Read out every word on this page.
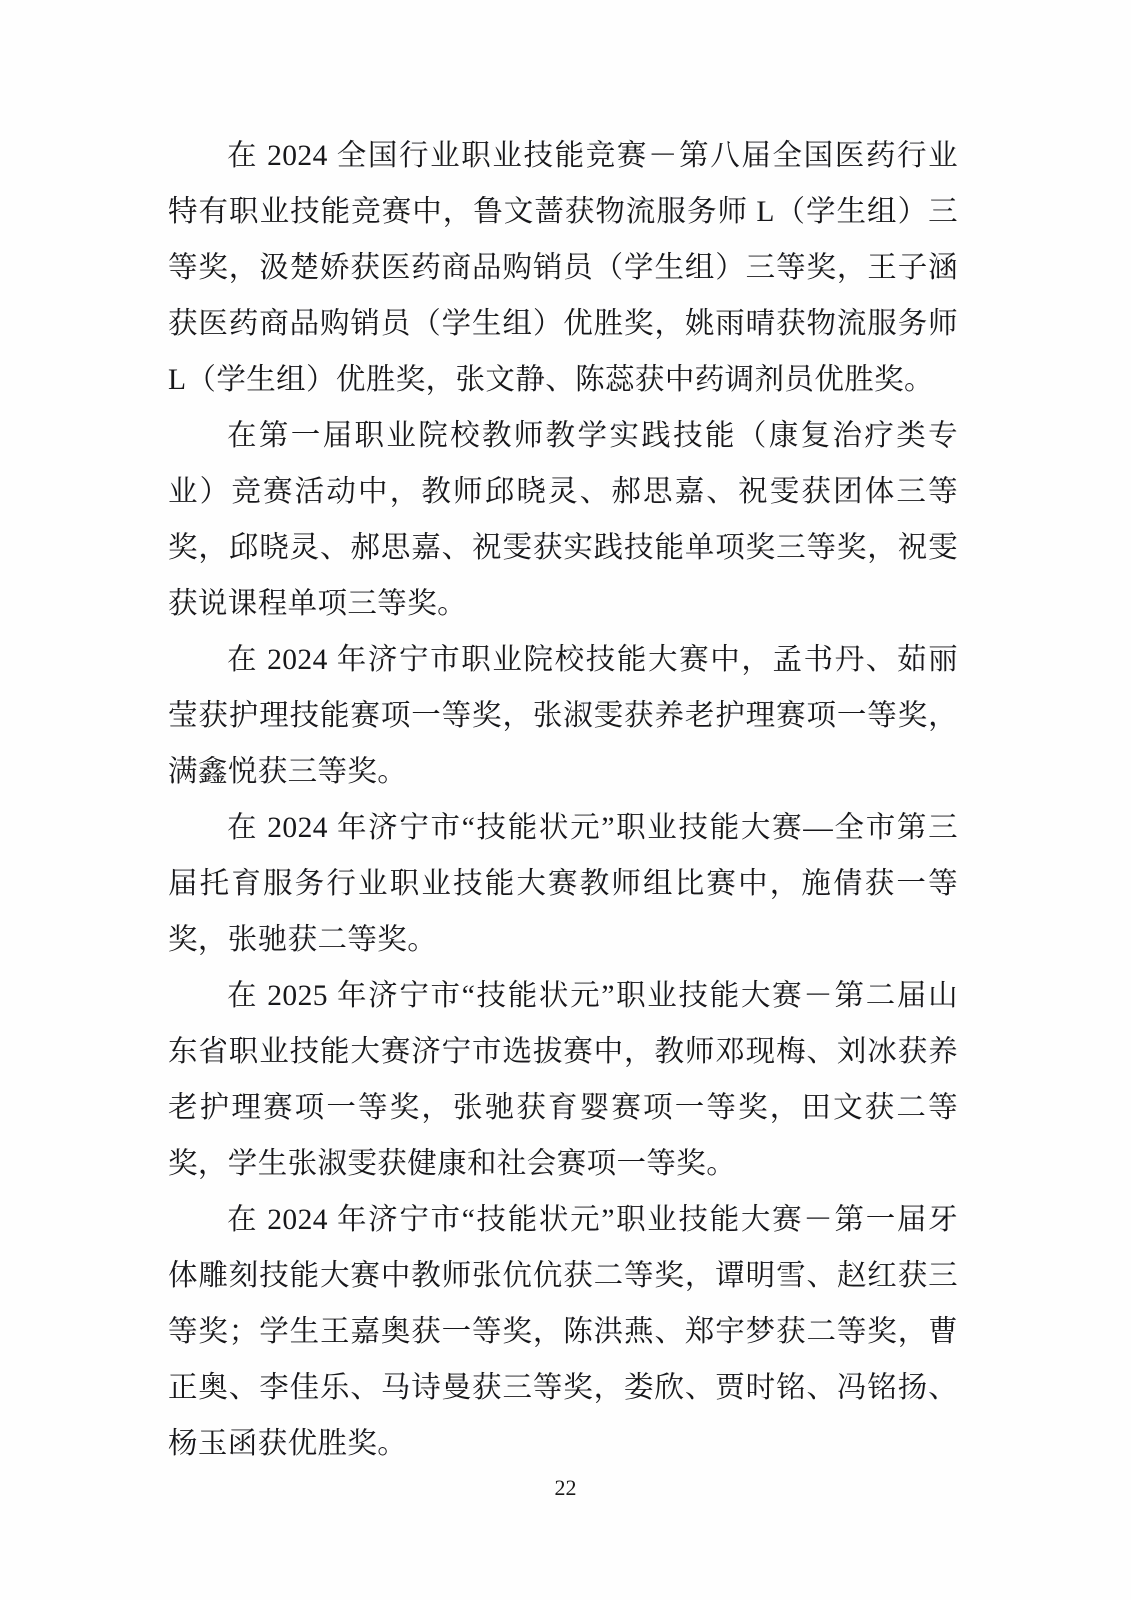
在 2024 全国行业职业技能竞赛－第八届全国医药行业特有职业技能竞赛中，鲁文蔷获物流服务师 L（学生组）三等奖，汲楚娇获医药商品购销员（学生组）三等奖，王子涵获医药商品购销员（学生组）优胜奖，姚雨晴获物流服务师 L（学生组）优胜奖，张文静、陈蕊获中药调剂员优胜奖。

在第一届职业院校教师教学实践技能（康复治疗类专业）竞赛活动中，教师邱晓灵、郝思嘉、祝雯获团体三等奖，邱晓灵、郝思嘉、祝雯获实践技能单项奖三等奖，祝雯获说课程单项三等奖。

在 2024 年济宁市职业院校技能大赛中，孟书丹、茹丽莹获护理技能赛项一等奖，张淑雯获养老护理赛项一等奖，满鑫悦获三等奖。

在 2024 年济宁市“技能状元”职业技能大赛—全市第三届托育服务行业职业技能大赛教师组比赛中，施倩获一等奖，张驰获二等奖。

在 2025 年济宁市“技能状元”职业技能大赛－第二届山东省职业技能大赛济宁市选拔赛中，教师邓现梅、刘冰获养老护理赛项一等奖，张驰获育婴赛项一等奖，田文获二等奖，学生张淑雯获健康和社会赛项一等奖。

在 2024 年济宁市“技能状元”职业技能大赛－第一届牙体雕刻技能大赛中教师张伉伉获二等奖，谭明雪、赵红获三等奖；学生王嘉奥获一等奖，陈洪燕、郑宇梦获二等奖，曹正奥、李佳乐、马诗曼获三等奖，娄欣、贾时铭、冯铭扬、杨玉函获优胜奖。

22
